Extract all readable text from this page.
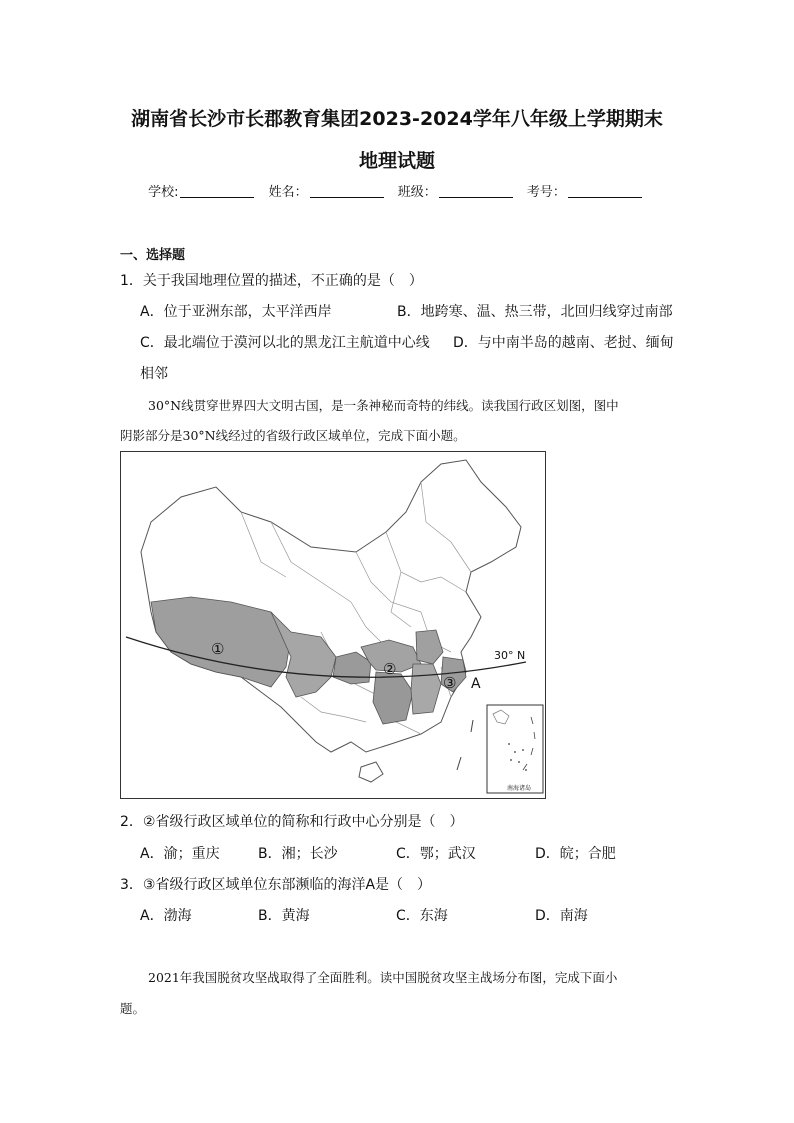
湖南省长沙市长郡教育集团2023-2024学年八年级上学期期末
地理试题
学校:	姓名：	班级：	考号：
一、选择题
1．关于我国地理位置的描述，不正确的是（　）
A．位于亚洲东部，太平洋西岸	B．地跨寒、温、热三带，北回归线穿过南部
C．最北端位于漠河以北的黑龙江主航道中心线 D．与中南半岛的越南、老挝、缅甸
相邻
30°N线贯穿世界四大文明古国，是一条神秘而奇特的纬线。读我国行政区划图，图中
阴影部分是30°N线经过的省级行政区域单位，完成下面小题。
①
②
③ A
30° N
南海诸岛
2．②省级行政区域单位的简称和行政中心分别是（　）
A．渝；重庆	B．湘；长沙	C．鄂；武汉	D．皖；合肥
3．③省级行政区域单位东部濒临的海洋A是（　）
A．渤海	B．黄海	C．东海	D．南海
2021年我国脱贫攻坚战取得了全面胜利。读中国脱贫攻坚主战场分布图，完成下面小
题。
